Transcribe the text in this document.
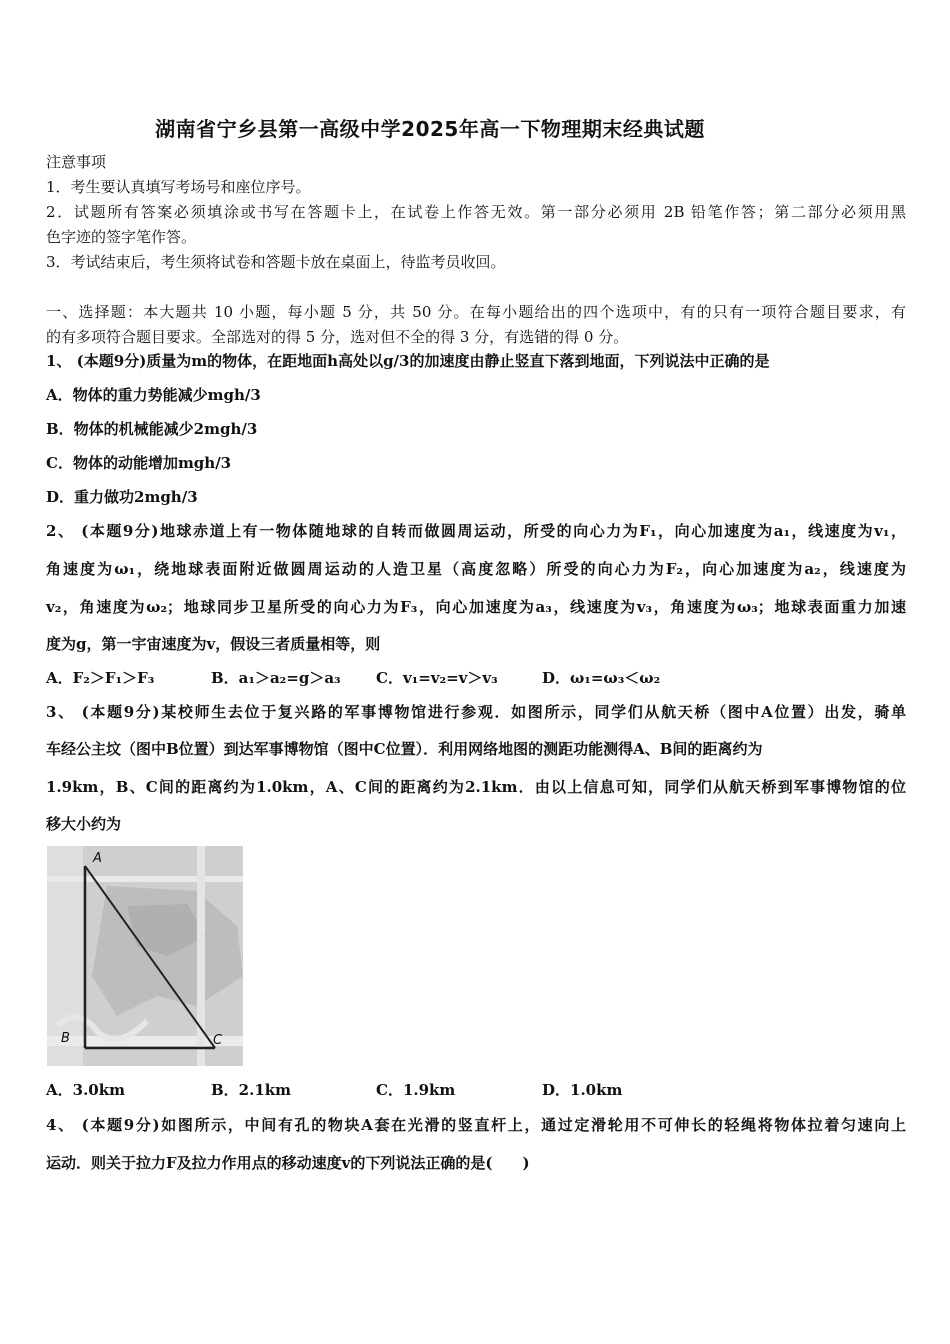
湖南省宁乡县第一高级中学2025年高一下物理期末经典试题
注意事项
1．考生要认真填写考场号和座位序号。
2．试题所有答案必须填涂或书写在答题卡上，在试卷上作答无效。第一部分必须用 2B 铅笔作答；第二部分必须用黑
色字迹的签字笔作答。
3．考试结束后，考生须将试卷和答题卡放在桌面上，待监考员收回。
一、选择题：本大题共 10 小题，每小题 5 分，共 50 分。在每小题给出的四个选项中，有的只有一项符合题目要求，有
的有多项符合题目要求。全部选对的得 5 分，选对但不全的得 3 分，有选错的得 0 分。
1、 (本题9分)质量为m的物体，在距地面h高处以g/3的加速度由静止竖直下落到地面，下列说法中正确的是
A．物体的重力势能减少mgh/3
B．物体的机械能减少2mgh/3
C．物体的动能增加mgh/3
D．重力做功2mgh/3
2、 (本题9分)地球赤道上有一物体随地球的自转而做圆周运动，所受的向心力为F₁，向心加速度为a₁，线速度为v₁，
角速度为ω₁，绕地球表面附近做圆周运动的人造卫星（高度忽略）所受的向心力为F₂，向心加速度为a₂，线速度为
v₂，角速度为ω₂；地球同步卫星所受的向心力为F₃，向心加速度为a₃，线速度为v₃，角速度为ω₃；地球表面重力加速
度为g，第一宇宙速度为v，假设三者质量相等，则
A．F₂＞F₁＞F₃	B．a₁＞a₂=g＞a₃ C．v₁=v₂=v＞v₃	D．ω₁=ω₃＜ω₂
3、 (本题9分)某校师生去位于复兴路的军事博物馆进行参观．如图所示，同学们从航天桥（图中A位置）出发，骑单
车经公主坟（图中B位置）到达军事博物馆（图中C位置）．利用网络地图的测距功能测得A、B间的距离约为
1.9km，B、C间的距离约为1.0km，A、C间的距离约为2.1km．由以上信息可知，同学们从航天桥到军事博物馆的位
移大小约为
A．3.0km	B．2.1km	C．1.9km	D．1.0km
4、 (本题9分)如图所示，中间有孔的物块A套在光滑的竖直杆上，通过定滑轮用不可伸长的轻绳将物体拉着匀速向上
运动．则关于拉力F及拉力作用点的移动速度v的下列说法正确的是(　　)
A
B	C
